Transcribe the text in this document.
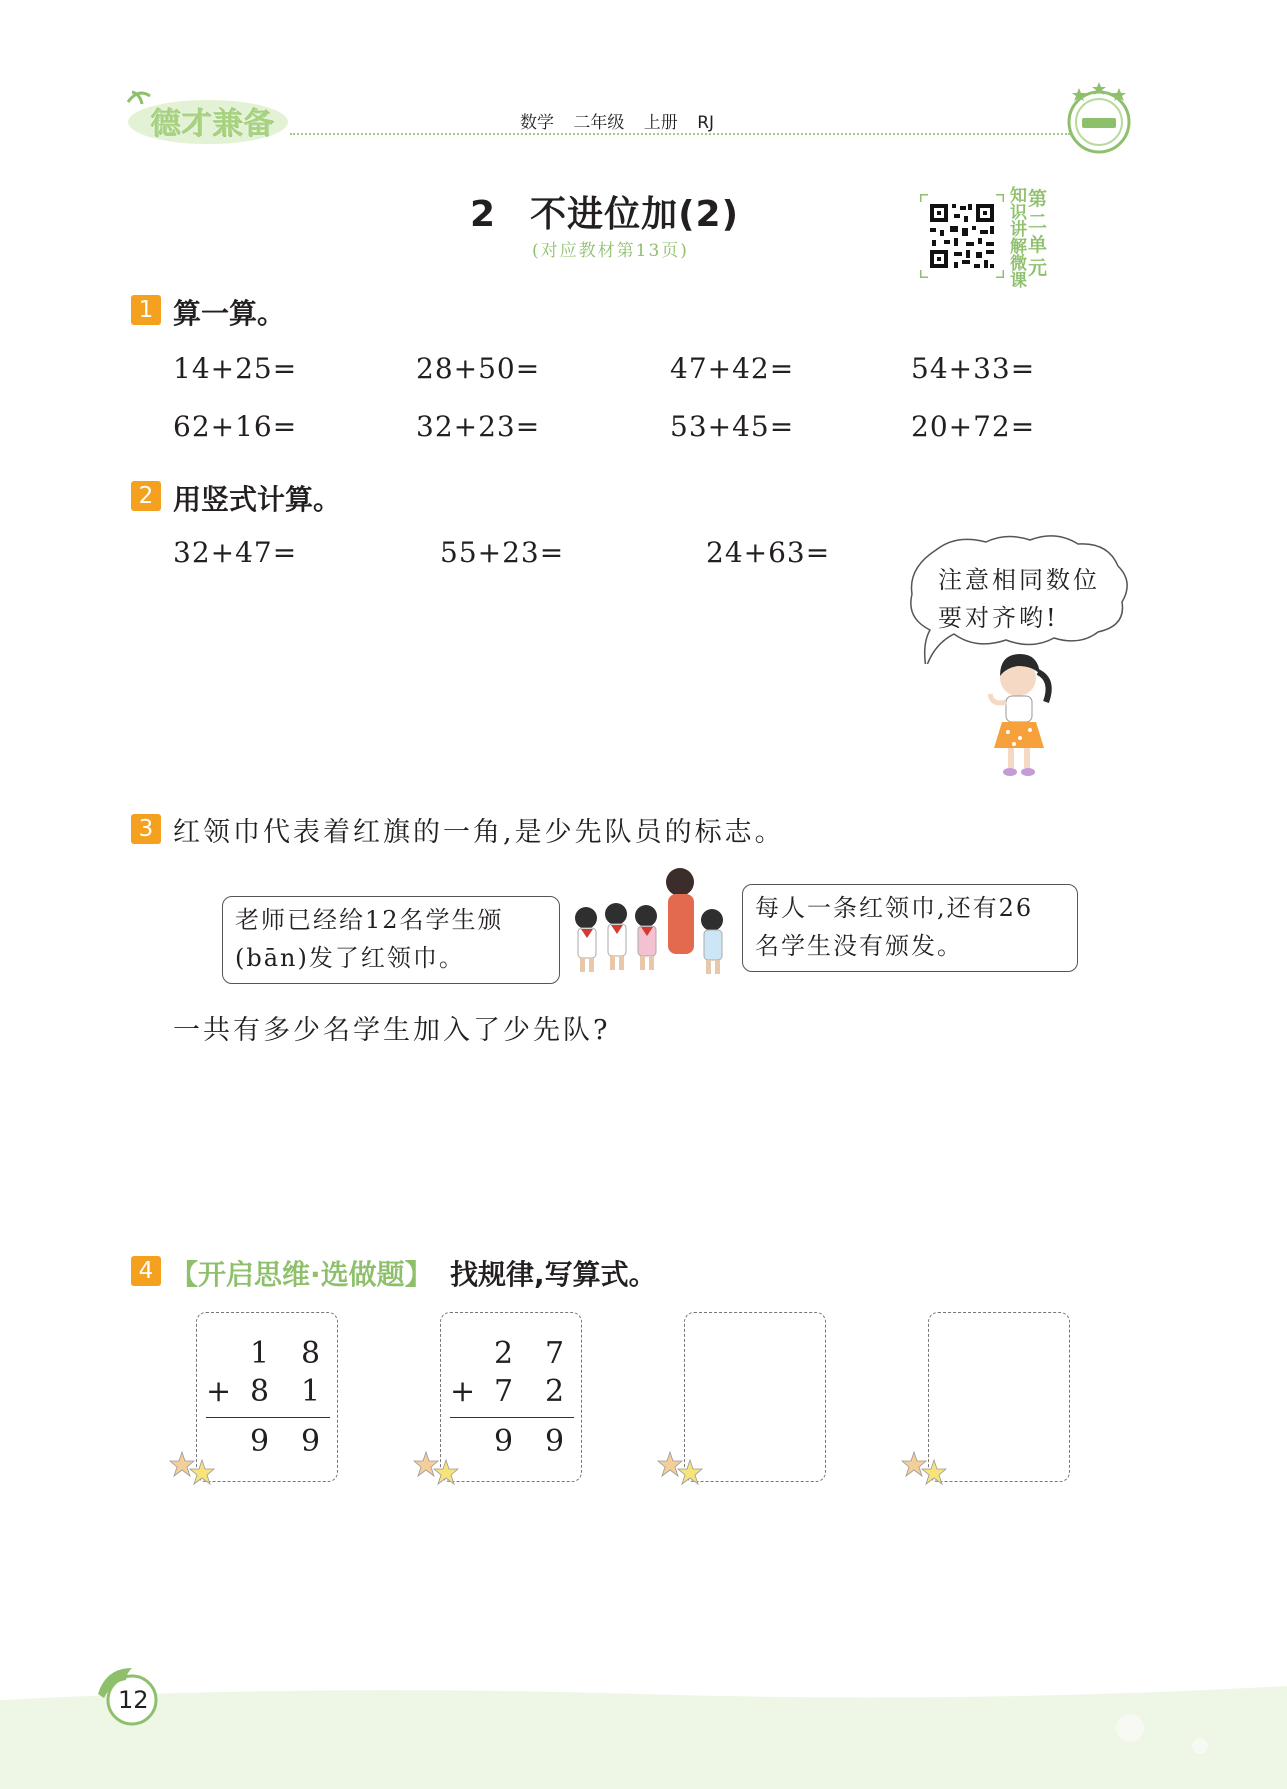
德才兼备	数学 二年级 上册 RJ
2 不进位加(2)
(对应教材第13页)
知识讲解微课
第二单元
1 算一算。
14+25=	28+50=	47+42=	54+33=
62+16=	32+23=	53+45=	20+72=
2 用竖式计算。
32+47=	55+23=	24+63=
注意相同数位
要对齐哟!
3 红领巾代表着红旗的一角,是少先队员的标志。
老师已经给12名学生颁
(bān)发了红领巾。
每人一条红领巾,还有26
名学生没有颁发。
一共有多少名学生加入了少先队?
4 【开启思维·选做题】 找规律,写算式。
1 8
+ 8 1
9 9
2 7
+ 7 2
9 9
12
